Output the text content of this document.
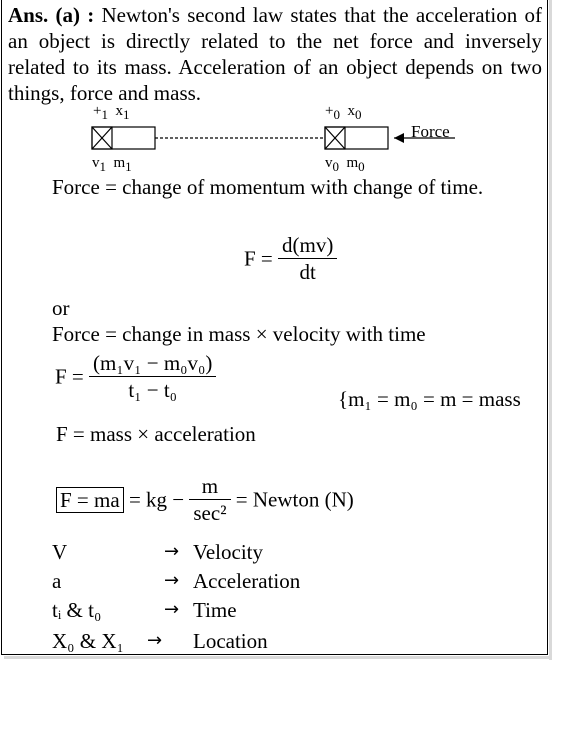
Ans. (a) : Newton's second law states that the acceleration of an object is directly related to the net force and inversely related to its mass. Acceleration of an object depends on two things, force and mass.
+1 x1	+0 x0
v1 m1	v0 m0
Force
Force = change of momentum with change of time.
$F = \frac{d(mv)}{dt}$
or
Force = change in mass × velocity with time
$F = \frac{\text{(m₁v₁ − m₀v₀)}}{\text{t₁ − t₀}}$	{m₁ = m₀ = m = mass
F = mass × acceleration
F = ma = kg − $\frac{m}{\text{sec²}}$ = Newton (N)
V	→ Velocity
a	→ Acceleration
tᵢ & t₀	→ Time
X₀ & X₁ → Location
